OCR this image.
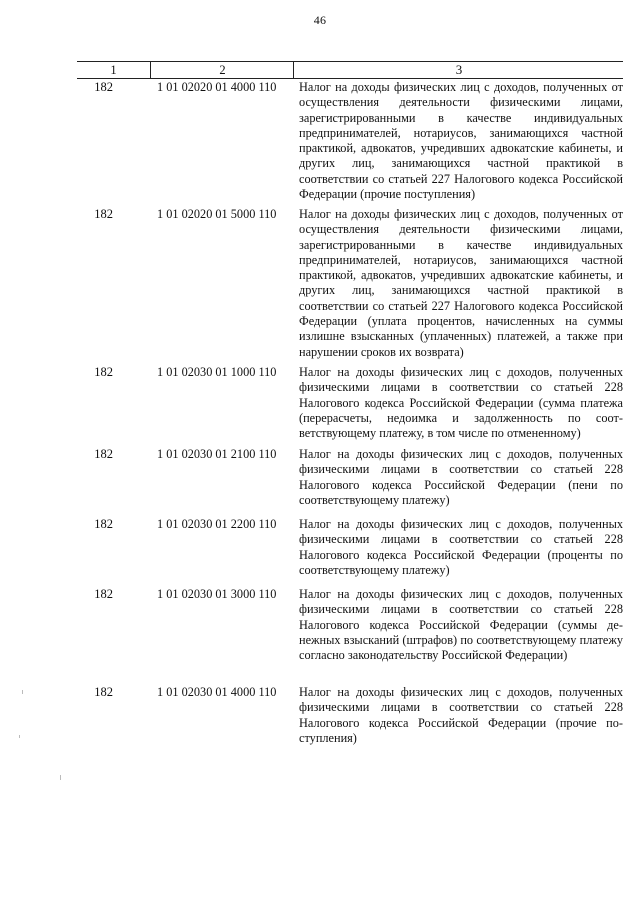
46
1	2	3
182	1 01 02020 01 4000 110	Налог на доходы физических лиц с доходов, полученных от осуществления деятельности физическими лицами, зарегистрированными в качестве индивидуальных предпринимателей, нотариусов, занимающихся частной практикой, адвокатов, учредивших адвокатские кабинеты, и других лиц, занимающихся частной практикой в соответствии со статьей 227 Налогового кодекса Российской Федерации (прочие поступления)
182	1 01 02020 01 5000 110	Налог на доходы физических лиц с доходов, полученных от осуществления деятельности физическими лицами, зарегистрированными в качестве индивидуальных предпринимателей, нотариусов, занимающихся частной практикой, адвокатов, учредивших адвокатские кабинеты, и других лиц, занимающихся частной практикой в соответствии со статьей 227 Налогового кодекса Российской Федерации (уплата процентов, начисленных на суммы излишне взысканных (уплаченных) платежей, а также при нарушении сроков их возврата)
182	1 01 02030 01 1000 110	Налог на доходы физических лиц с доходов, полученных физическими лицами в соответствии со статьей 228 Налогового кодекса Российской Федерации (сумма платежа (перерасчеты, недоимка и задолженность по соответствующему платежу, в том числе по отмененному)
182	1 01 02030 01 2100 110	Налог на доходы физических лиц с доходов, полученных физическими лицами в соответствии со статьей 228 Налогового кодекса Российской Федерации (пени по соответствующему платежу)
182	1 01 02030 01 2200 110	Налог на доходы физических лиц с доходов, полученных физическими лицами в соответствии со статьей 228 Налогового кодекса Российской Федерации (проценты по соответствующему платежу)
182	1 01 02030 01 3000 110	Налог на доходы физических лиц с доходов, полученных физическими лицами в соответствии со статьей 228 Налогового кодекса Российской Федерации (суммы денежных взысканий (штрафов) по соответствующему платежу согласно законодательству Российской Федерации)
182	1 01 02030 01 4000 110	Налог на доходы физических лиц с доходов, полученных физическими лицами в соответствии со статьей 228 Налогового кодекса Российской Федерации (прочие поступления)
